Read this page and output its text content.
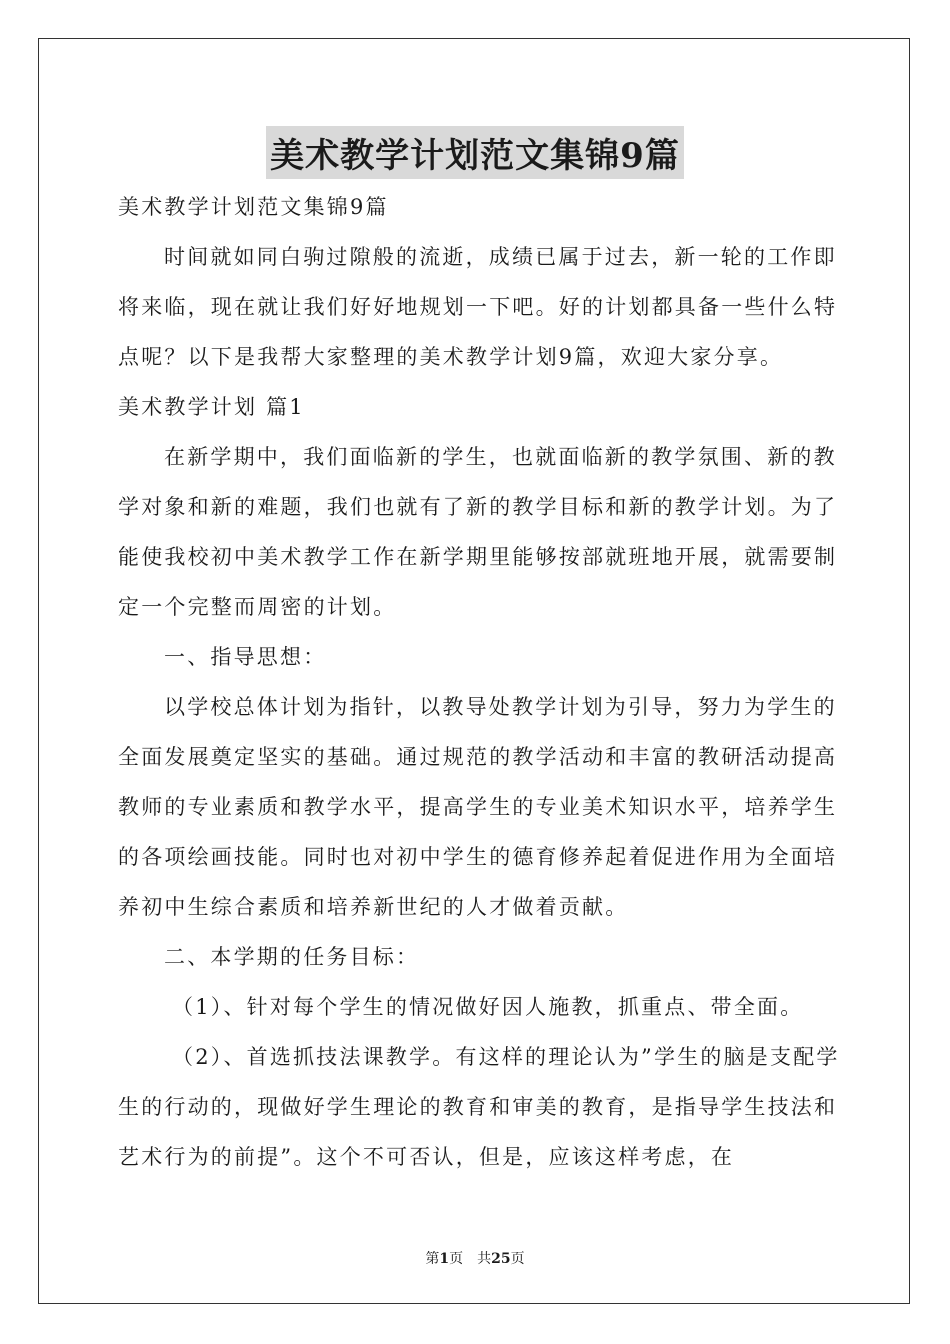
美术教学计划范文集锦9篇

美术教学计划范文集锦9篇

时间就如同白驹过隙般的流逝，成绩已属于过去，新一轮的工作即将来临，现在就让我们好好地规划一下吧。好的计划都具备一些什么特点呢？以下是我帮大家整理的美术教学计划9篇，欢迎大家分享。

美术教学计划 篇1

在新学期中，我们面临新的学生，也就面临新的教学氛围、新的教学对象和新的难题，我们也就有了新的教学目标和新的教学计划。为了能使我校初中美术教学工作在新学期里能够按部就班地开展，就需要制定一个完整而周密的计划。

一、指导思想：

以学校总体计划为指针，以教导处教学计划为引导，努力为学生的全面发展奠定坚实的基础。通过规范的教学活动和丰富的教研活动提高教师的专业素质和教学水平，提高学生的专业美术知识水平，培养学生的各项绘画技能。同时也对初中学生的德育修养起着促进作用为全面培养初中生综合素质和培养新世纪的人才做着贡献。

二、本学期的任务目标：

（1）、针对每个学生的情况做好因人施教，抓重点、带全面。

（2）、首选抓技法课教学。有这样的理论认为”学生的脑是支配学生的行动的，现做好学生理论的教育和审美的教育，是指导学生技法和艺术行为的前提”。这个不可否认，但是，应该这样考虑，在

第1页　共25页
